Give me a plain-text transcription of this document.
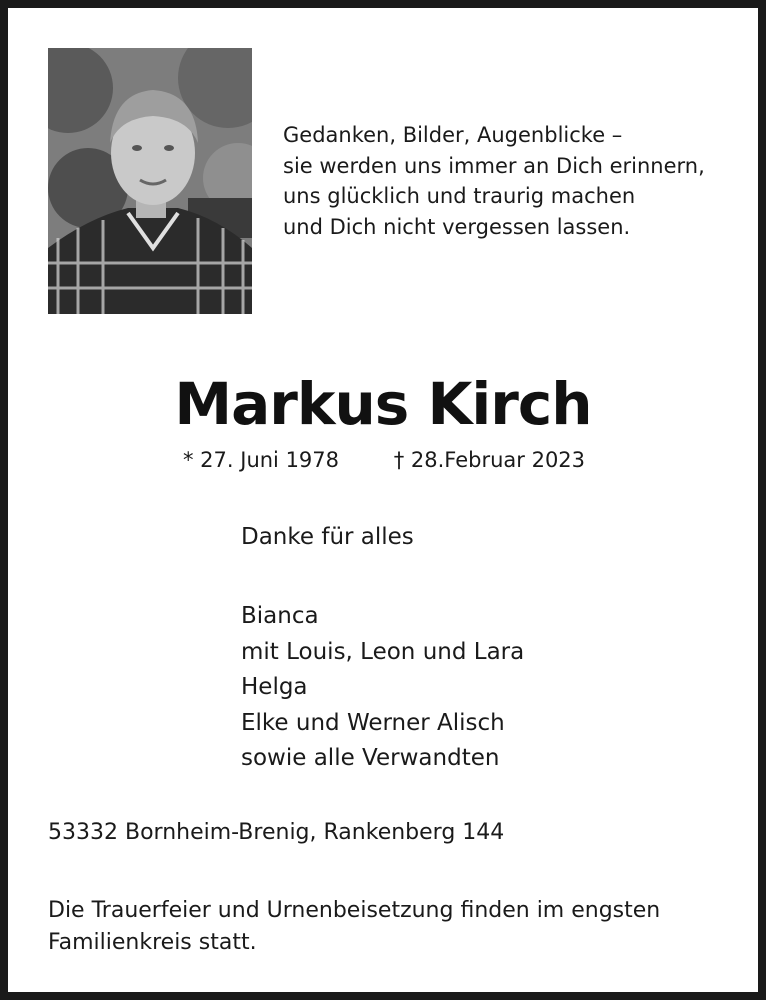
Gedanken, Bilder, Augenblicke –
sie werden uns immer an Dich erinnern,
uns glücklich und traurig machen
und Dich nicht vergessen lassen.
Markus Kirch
* 27. Juni 1978	† 28.Februar 2023
Danke für alles
Bianca
mit Louis, Leon und Lara
Helga
Elke und Werner Alisch
sowie alle Verwandten
53332 Bornheim-Brenig, Rankenberg 144
Die Trauerfeier und Urnenbeisetzung finden im engsten
Familienkreis statt.
